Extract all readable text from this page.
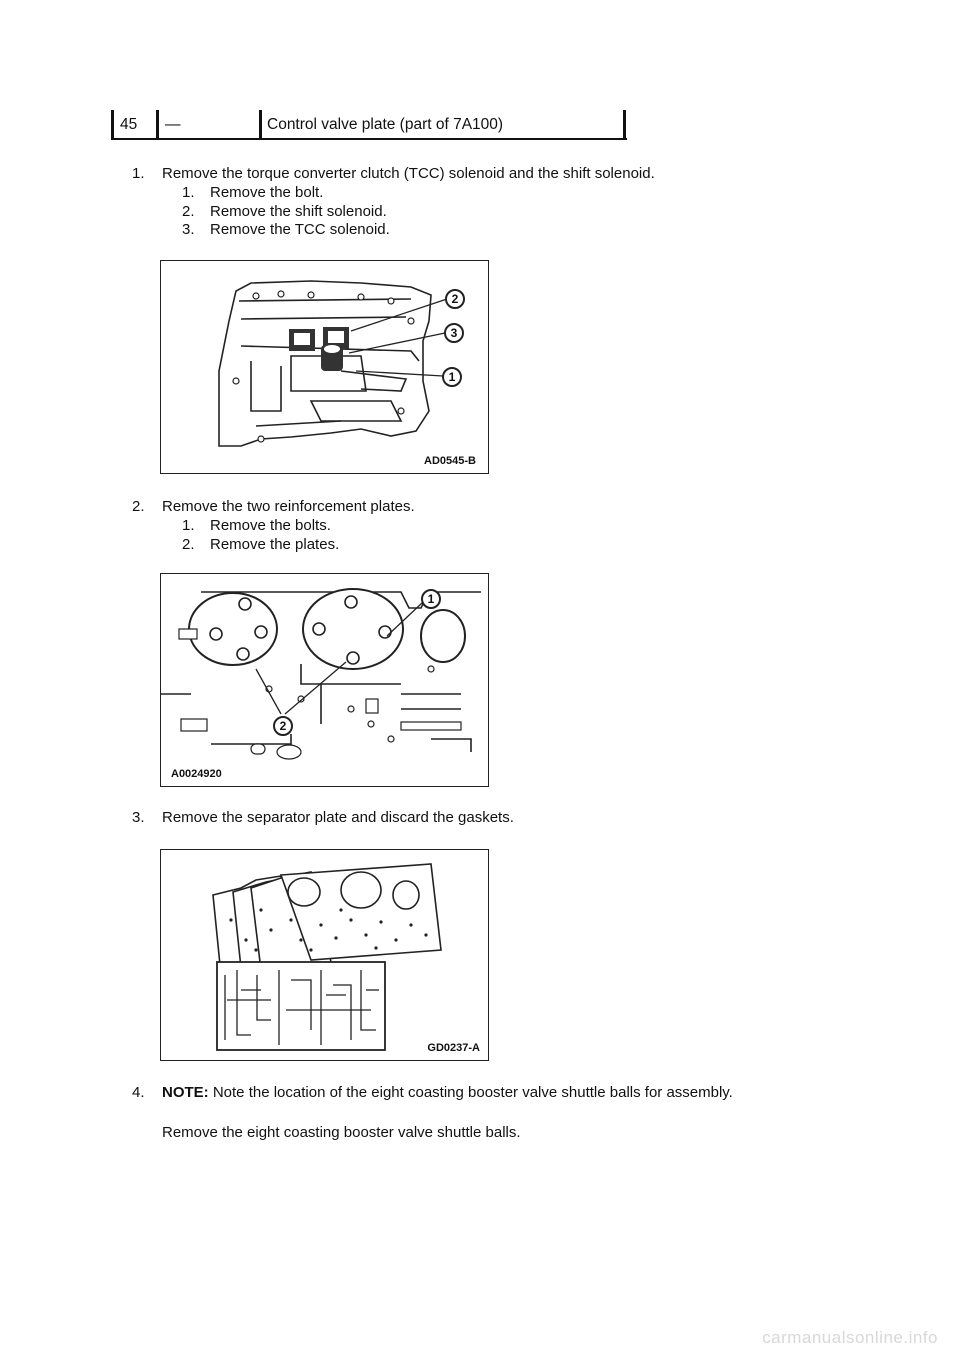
45 —	Control valve plate (part of 7A100)
1. Remove the torque converter clutch (TCC) solenoid and the shift solenoid.
1. Remove the bolt.
2. Remove the shift solenoid.
3. Remove the TCC solenoid.
2
3
1
AD0545-B
2. Remove the two reinforcement plates.
1. Remove the bolts.
2. Remove the plates.
1
2
A0024920
3. Remove the separator plate and discard the gaskets.
GD0237-A
4. NOTE: Note the location of the eight coasting booster valve shuttle balls for assembly.
Remove the eight coasting booster valve shuttle balls.
carmanualsonline.info
